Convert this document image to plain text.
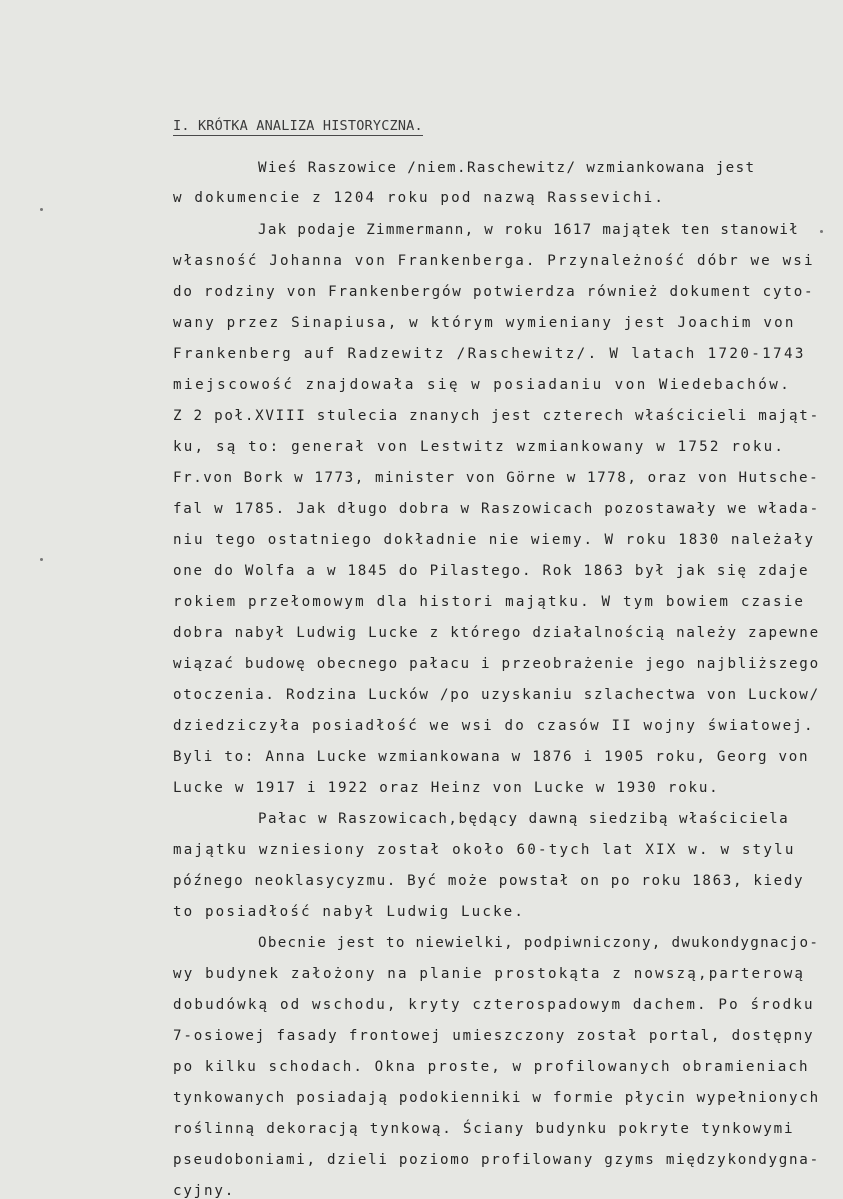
I. KRÓTKA ANALIZA HISTORYCZNA.
Wieś Raszowice /niem.Raschewitz/ wzmiankowana jest
w dokumencie z 1204 roku pod nazwą Rassevichi.
Jak podaje Zimmermann, w roku 1617 majątek ten stanowił
własność Johanna von Frankenberga. Przynależność dóbr we wsi
do rodziny von Frankenbergów potwierdza również dokument cyto-
wany przez Sinapiusa, w którym wymieniany jest Joachim von
Frankenberg auf Radzewitz /Raschewitz/. W latach 1720-1743
miejscowość znajdowała się w posiadaniu von Wiedebachów.
Z 2 poł.XVIII stulecia znanych jest czterech właścicieli mająt-
ku, są to: generał von Lestwitz wzmiankowany w 1752 roku.
Fr.von Bork w 1773, minister von Görne w 1778, oraz von Hutsche-
fal w 1785. Jak długo dobra w Raszowicach pozostawały we włada-
niu tego ostatniego dokładnie nie wiemy. W roku 1830 należały
one do Wolfa a w 1845 do Pilastego. Rok 1863 był jak się zdaje
rokiem przełomowym dla histori majątku. W tym bowiem czasie
dobra nabył Ludwig Lucke z którego działalnością należy zapewne
wiązać budowę obecnego pałacu i przeobrażenie jego najbliższego
otoczenia. Rodzina Lucków /po uzyskaniu szlachectwa von Luckow/
dziedziczyła posiadłość we wsi do czasów II wojny światowej.
Byli to: Anna Lucke wzmiankowana w 1876 i 1905 roku, Georg von
Lucke w 1917 i 1922 oraz Heinz von Lucke w 1930 roku.
Pałac w Raszowicach,będący dawną siedzibą właściciela
majątku wzniesiony został około 60-tych lat XIX w. w stylu
późnego neoklasycyzmu. Być może powstał on po roku 1863, kiedy
to posiadłość nabył Ludwig Lucke.
Obecnie jest to niewielki, podpiwniczony, dwukondygnacjo-
wy budynek założony na planie prostokąta z nowszą,parterową
dobudówką od wschodu, kryty czterospadowym dachem. Po środku
7-osiowej fasady frontowej umieszczony został portal, dostępny
po kilku schodach. Okna proste, w profilowanych obramieniach
tynkowanych posiadają podokienniki w formie płycin wypełnionych
roślinną dekoracją tynkową. Ściany budynku pokryte tynkowymi
pseudoboniami, dzieli poziomo profilowany gzyms międzykondygna-
cyjny.
